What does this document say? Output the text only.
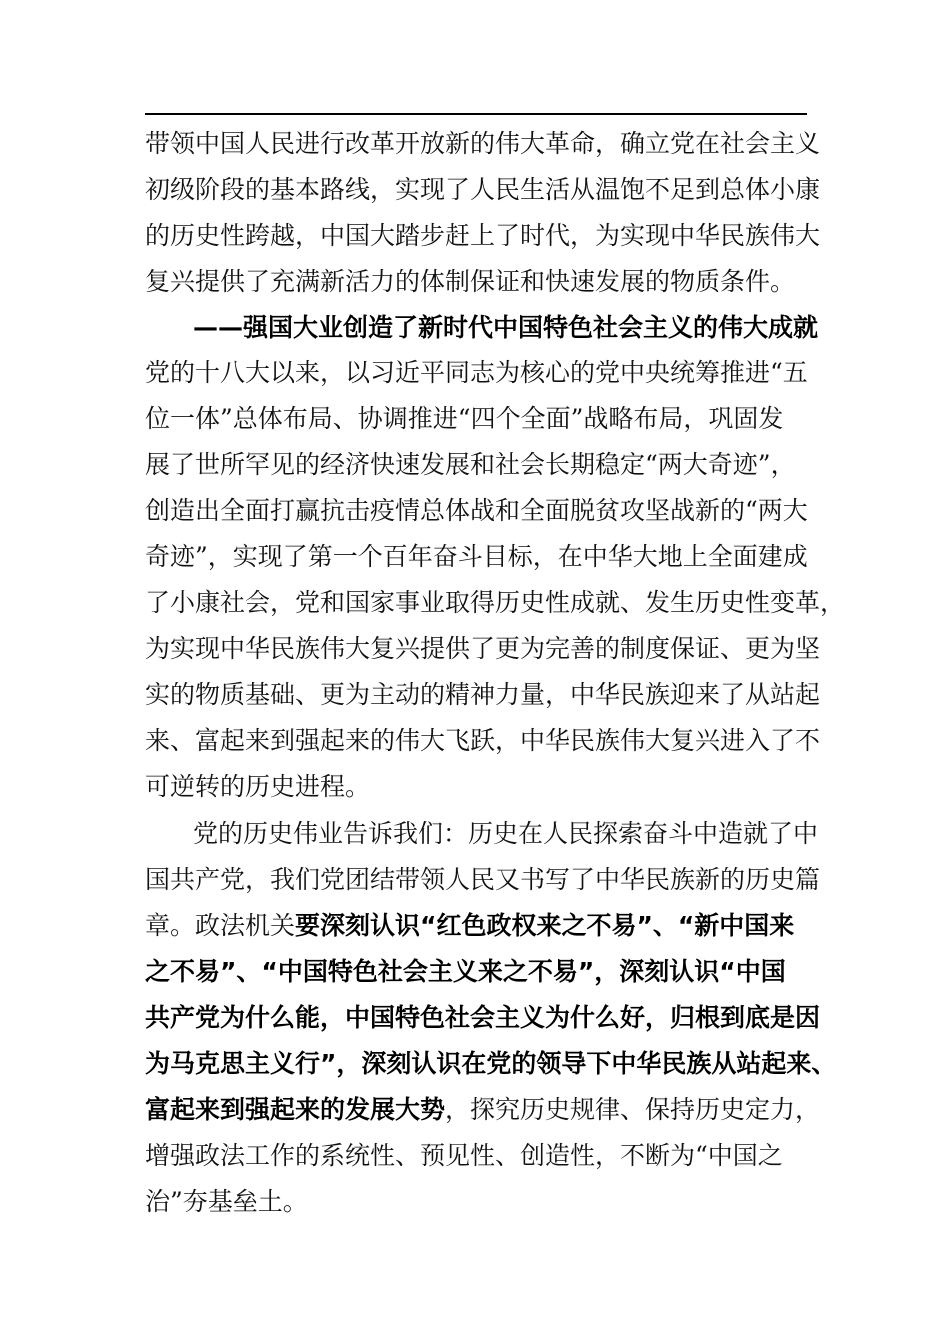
带领中国人民进行改革开放新的伟大革命，确立党在社会主义
初级阶段的基本路线，实现了人民生活从温饱不足到总体小康
的历史性跨越，中国大踏步赶上了时代，为实现中华民族伟大
复兴提供了充满新活力的体制保证和快速发展的物质条件。
——强国大业创造了新时代中国特色社会主义的伟大成就
党的十八大以来，以习近平同志为核心的党中央统筹推进“五
位一体”总体布局、协调推进“四个全面”战略布局，巩固发
展了世所罕见的经济快速发展和社会长期稳定“两大奇迹”，
创造出全面打赢抗击疫情总体战和全面脱贫攻坚战新的“两大
奇迹”，实现了第一个百年奋斗目标，在中华大地上全面建成
了小康社会，党和国家事业取得历史性成就、发生历史性变革，
为实现中华民族伟大复兴提供了更为完善的制度保证、更为坚
实的物质基础、更为主动的精神力量，中华民族迎来了从站起
来、富起来到强起来的伟大飞跃，中华民族伟大复兴进入了不
可逆转的历史进程。
党的历史伟业告诉我们：历史在人民探索奋斗中造就了中
国共产党，我们党团结带领人民又书写了中华民族新的历史篇
章。政法机关要深刻认识“红色政权来之不易”、“新中国来
之不易”、“中国特色社会主义来之不易”，深刻认识“中国
共产党为什么能，中国特色社会主义为什么好，归根到底是因
为马克思主义行”，深刻认识在党的领导下中华民族从站起来、
富起来到强起来的发展大势，探究历史规律、保持历史定力，
增强政法工作的系统性、预见性、创造性，不断为“中国之
治”夯基垒土。
